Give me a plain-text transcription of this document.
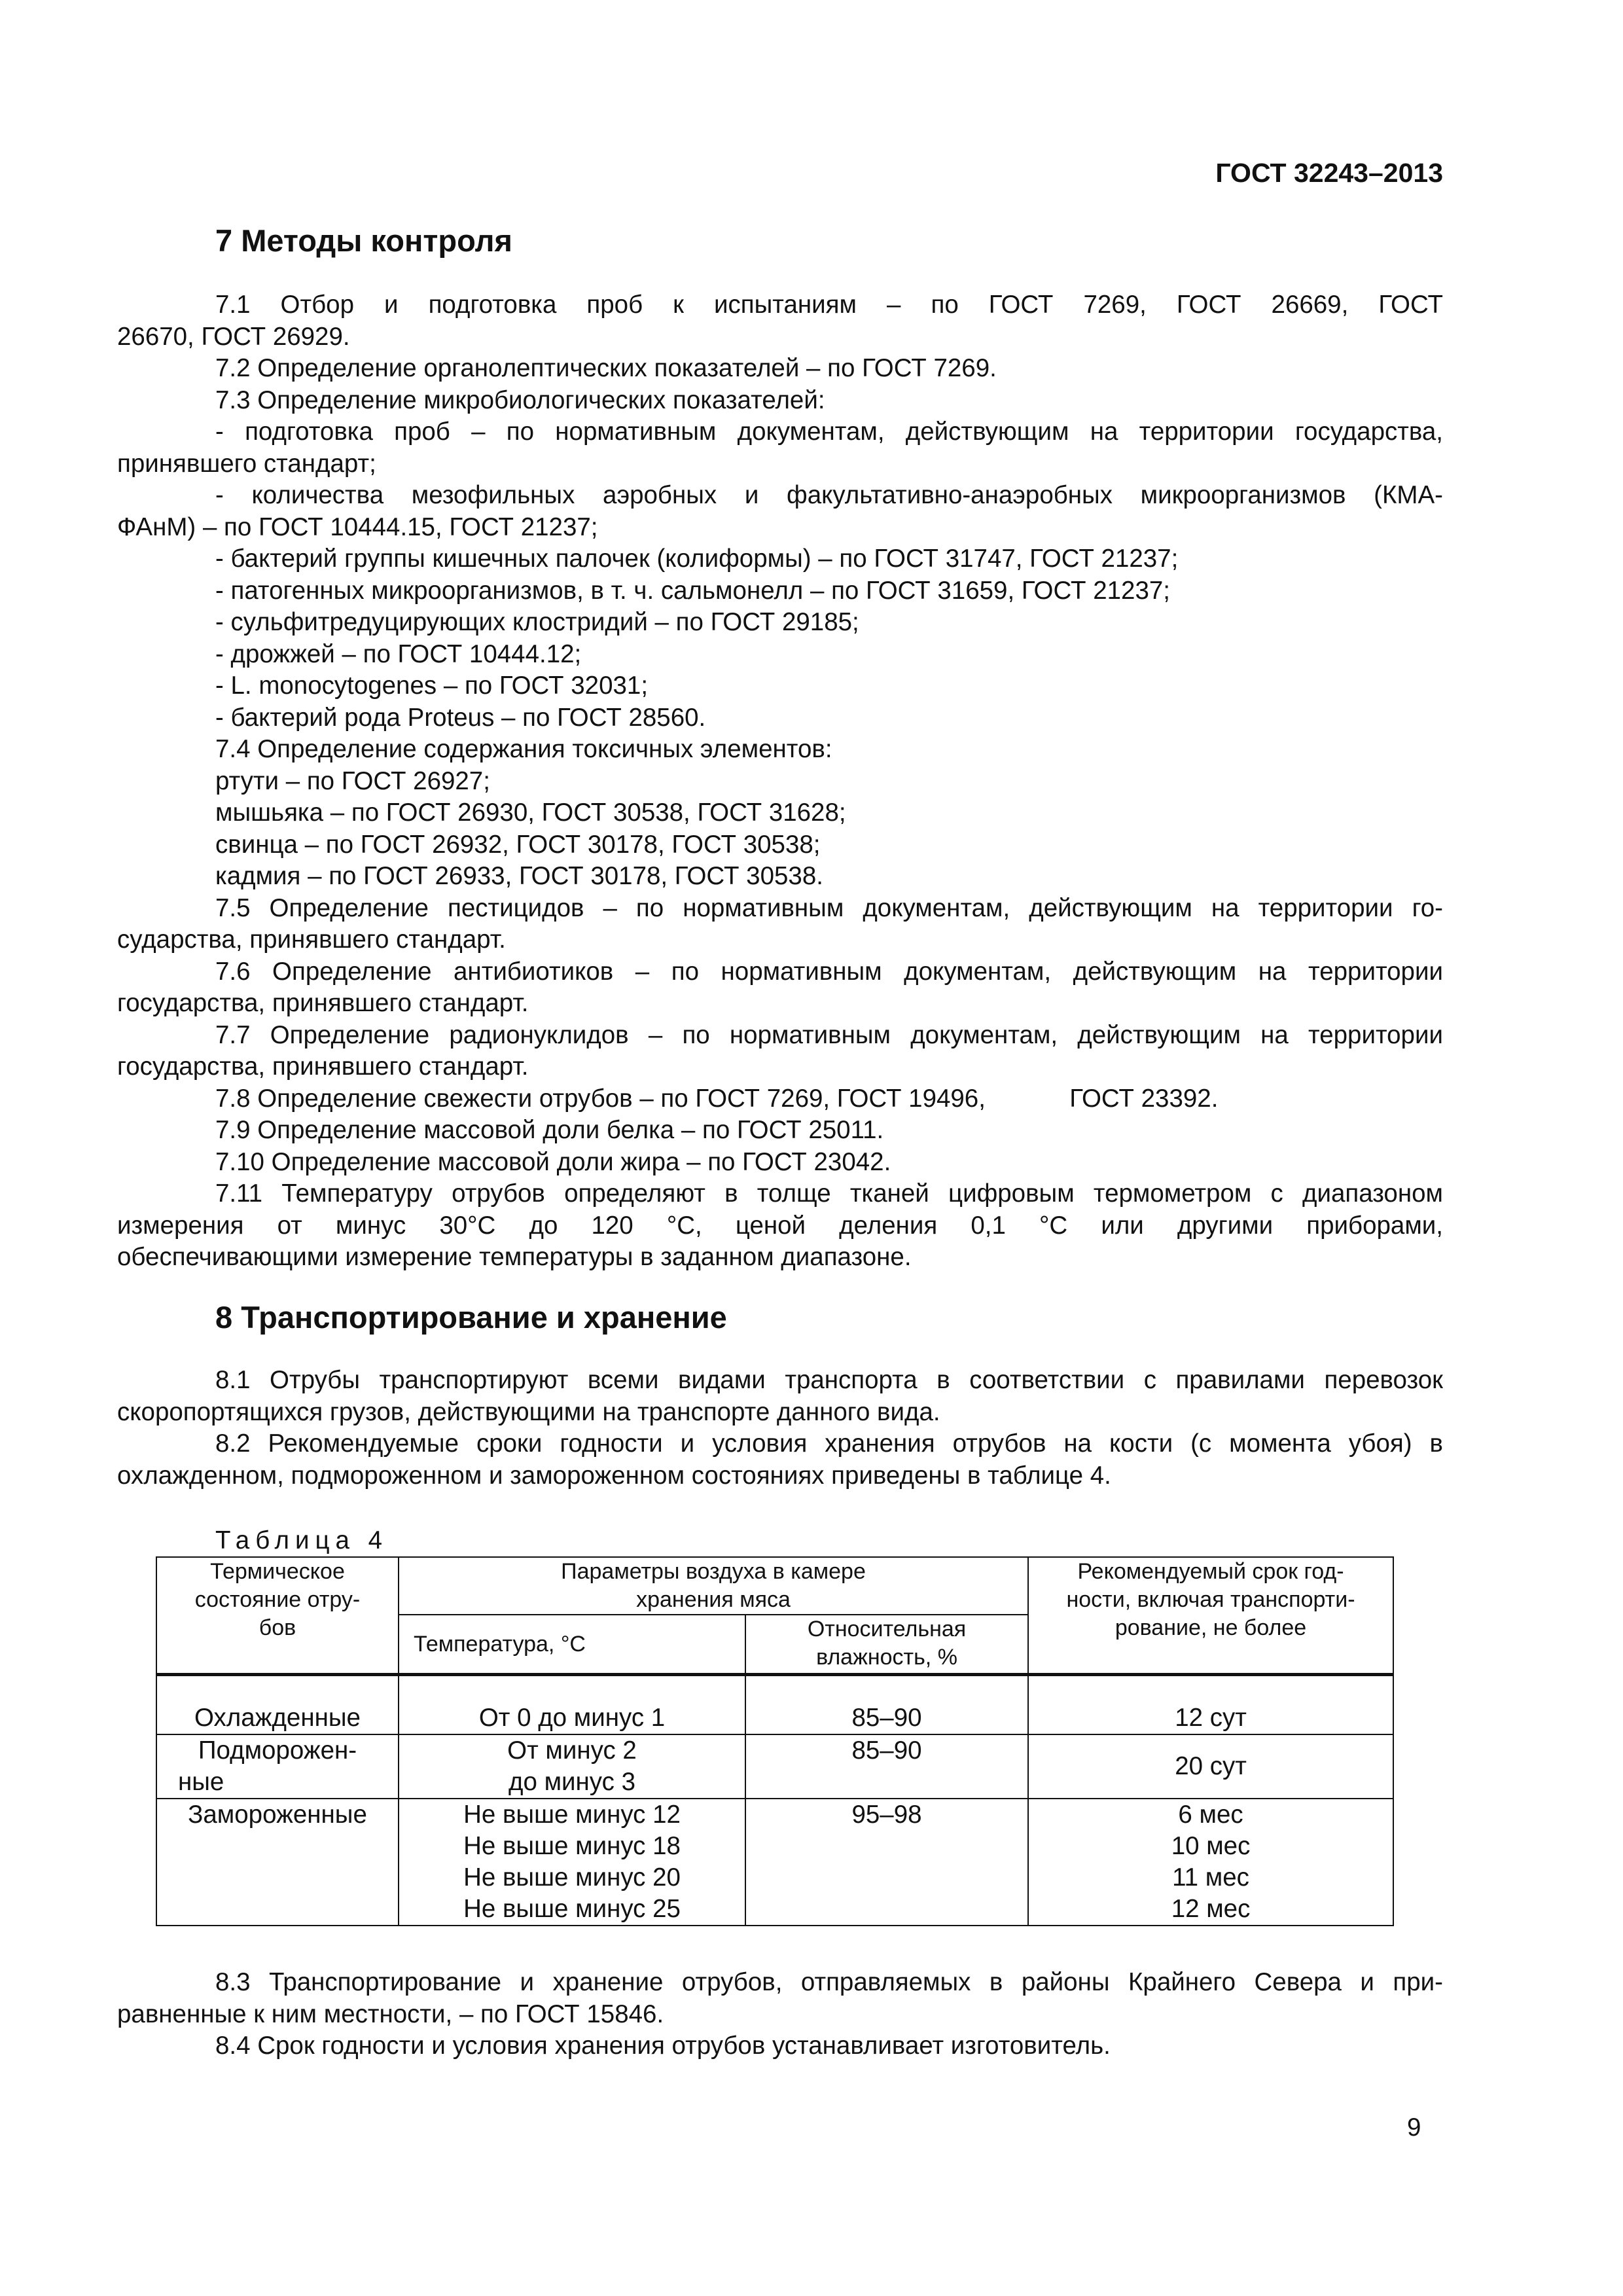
ГОСТ 32243–2013
7 Методы контроля

7.1 Отбор и подготовка проб к испытаниям – по ГОСТ 7269, ГОСТ 26669, ГОСТ

26670, ГОСТ 26929.

7.2 Определение органолептических показателей – по ГОСТ 7269.

7.3 Определение микробиологических показателей:

- подготовка проб – по нормативным документам, действующим на территории государства,

принявшего стандарт;

- количества мезофильных аэробных и факультативно-анаэробных микроорганизмов (КМА-

ФАнМ) – по ГОСТ 10444.15, ГОСТ 21237;

- бактерий группы кишечных палочек (колиформы) – по ГОСТ 31747, ГОСТ 21237;

- патогенных микроорганизмов, в т. ч. сальмонелл – по ГОСТ 31659, ГОСТ 21237;

- сульфитредуцирующих клостридий – по ГОСТ 29185;

- дрожжей – по ГОСТ 10444.12;

- L. monocytogenes – по ГОСТ 32031;

- бактерий рода Proteus – по ГОСТ 28560.

7.4 Определение содержания токсичных элементов:

ртути – по ГОСТ 26927;

мышьяка – по ГОСТ 26930, ГОСТ 30538, ГОСТ 31628;

свинца – по ГОСТ 26932, ГОСТ 30178, ГОСТ 30538;

кадмия – по ГОСТ 26933, ГОСТ 30178, ГОСТ 30538.

7.5 Определение пестицидов – по нормативным документам, действующим на территории го-

сударства, принявшего стандарт.

7.6 Определение антибиотиков – по нормативным документам, действующим на территории

государства, принявшего стандарт.

7.7 Определение радионуклидов – по нормативным документам, действующим на территории

государства, принявшего стандарт.

7.8 Определение свежести отрубов – по ГОСТ 7269, ГОСТ 19496,            ГОСТ 23392.

7.9 Определение массовой доли белка – по ГОСТ 25011.

7.10 Определение массовой доли жира – по ГОСТ 23042.

7.11 Температуру отрубов определяют в толще тканей цифровым термометром с диапазоном

измерения от минус 30°С до 120 °С, ценой деления 0,1 °С или другими приборами,

обеспечивающими измерение температуры в заданном диапазоне.

8 Транспортирование и хранение

8.1 Отрубы транспортируют всеми видами транспорта в соответствии с правилами перевозок

скоропортящихся грузов, действующими на транспорте данного вида.

8.2 Рекомендуемые сроки годности и условия хранения отрубов на кости (с момента убоя) в

охлажденном, подмороженном и замороженном состояниях приведены в таблице 4.

Таблица 4
Термическое
состояние отру-
бов	Параметры воздуха в камере
хранения мяса		Рекомендуемый срок год-
ности, включая транспорти-
рование, не более

	Температура, °С	Относительная
влажность, %	

Охлажденные	От 0 до минус 1	85–90	12 сут

Подморожен-
ные	От минус 2
до минус 3	85–90	20 сут

Замороженные	Не выше минус 12
Не выше минус 18
Не выше минус 20
Не выше минус 25	95–98	6 мес
10 мес
11 мес
12 мес

8.3 Транспортирование и хранение отрубов, отправляемых в районы Крайнего Севера и при-

равненные к ним местности, – по ГОСТ 15846.

8.4 Срок годности и условия хранения отрубов устанавливает изготовитель.

9
